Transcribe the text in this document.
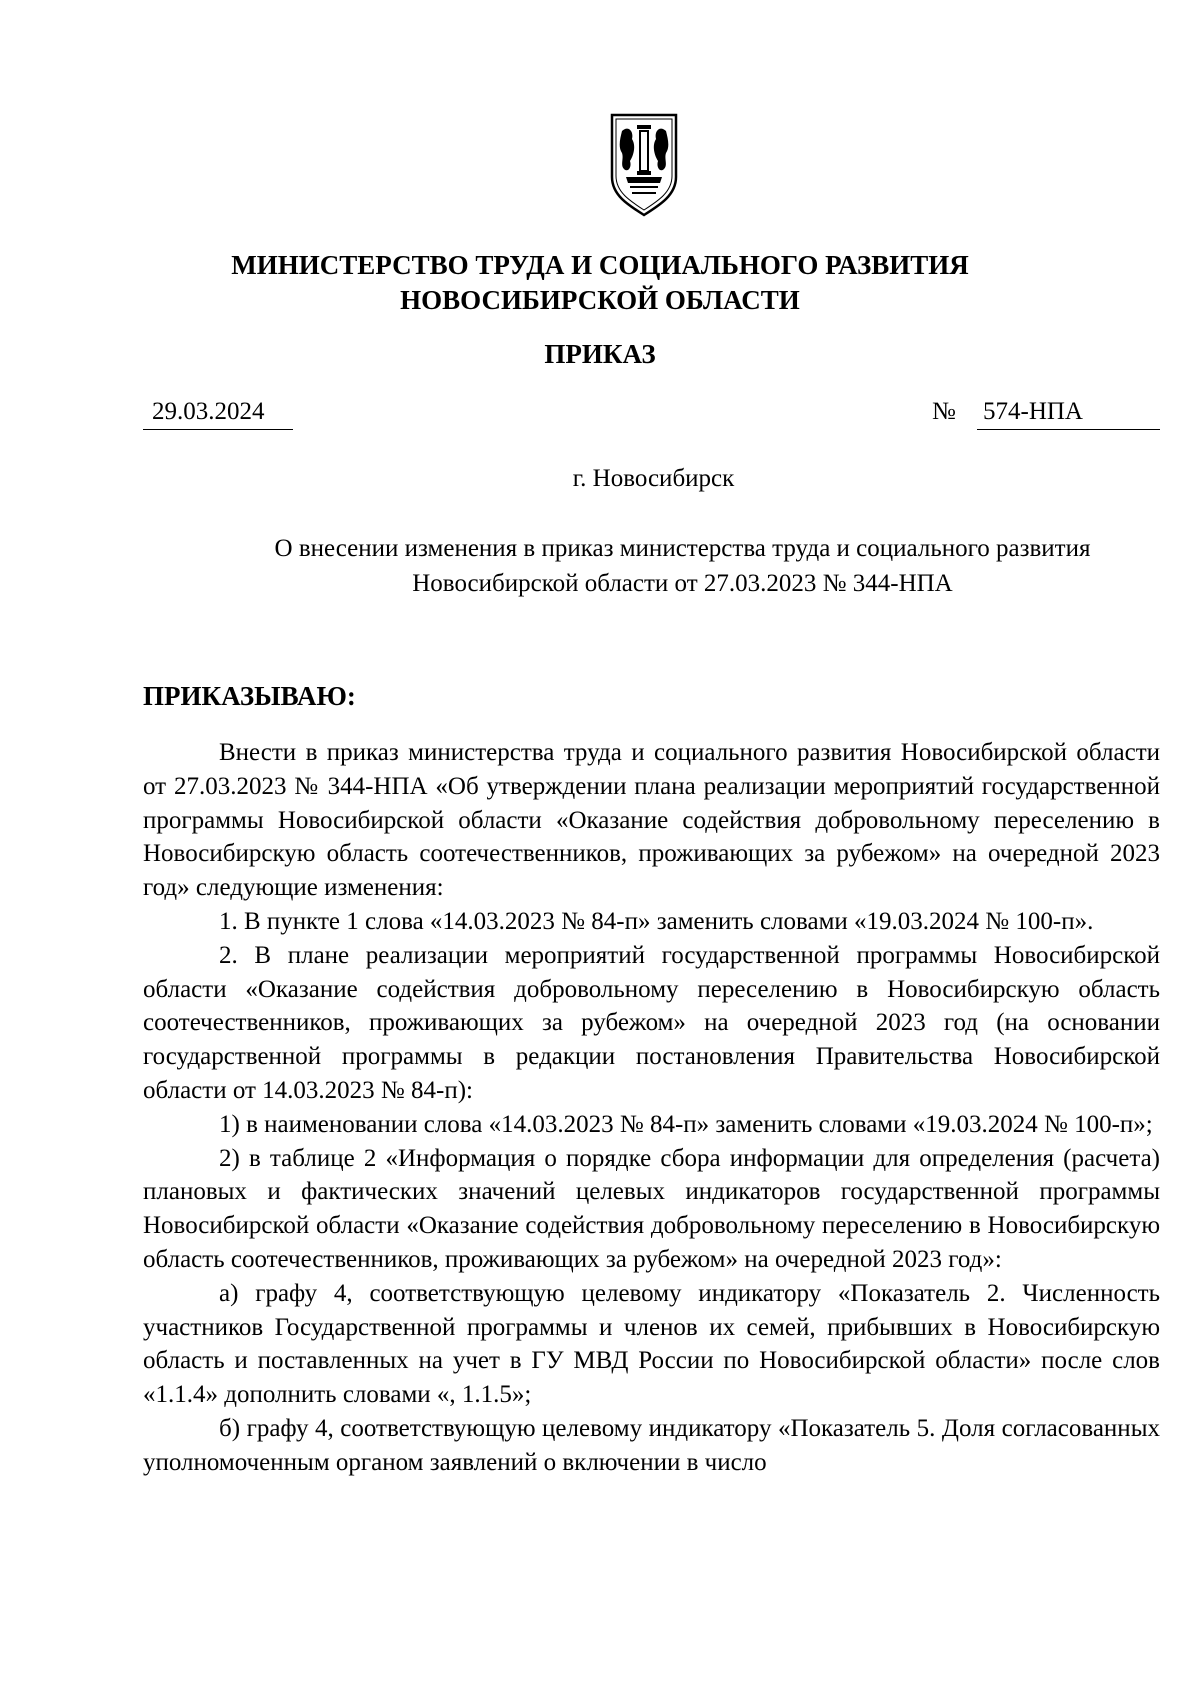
МИНИСТЕРСТВО ТРУДА И СОЦИАЛЬНОГО РАЗВИТИЯ
НОВОСИБИРСКОЙ ОБЛАСТИ
ПРИКАЗ
29.03.2024	№ 574-НПА
г. Новосибирск
О внесении изменения в приказ министерства труда и социального развития
Новосибирской области от 27.03.2023 № 344-НПА
ПРИКАЗЫВАЮ:

Внести в приказ министерства труда и социального развития Новосибирской области от 27.03.2023 № 344-НПА «Об утверждении плана реализации мероприятий государственной программы Новосибирской области «Оказание содействия добровольному переселению в Новосибирскую область соотечественников, проживающих за рубежом» на очередной 2023 год» следующие изменения:

1. В пункте 1 слова «14.03.2023 № 84-п» заменить словами «19.03.2024 № 100-п».

2. В плане реализации мероприятий государственной программы Новосибирской области «Оказание содействия добровольному переселению в Новосибирскую область соотечественников, проживающих за рубежом» на очередной 2023 год (на основании государственной программы в редакции постановления Правительства Новосибирской области от 14.03.2023 № 84-п):

1) в наименовании слова «14.03.2023 № 84-п» заменить словами «19.03.2024 № 100-п»;

2) в таблице 2 «Информация о порядке сбора информации для определения (расчета) плановых и фактических значений целевых индикаторов государственной программы Новосибирской области «Оказание содействия добровольному переселению в Новосибирскую область соотечественников, проживающих за рубежом» на очередной 2023 год»:

а) графу 4, соответствующую целевому индикатору «Показатель 2. Численность участников Государственной программы и членов их семей, прибывших в Новосибирскую область и поставленных на учет в ГУ МВД России по Новосибирской области» после слов «1.1.4» дополнить словами «, 1.1.5»;

б) графу 4, соответствующую целевому индикатору «Показатель 5. Доля согласованных уполномоченным органом заявлений о включении в число
